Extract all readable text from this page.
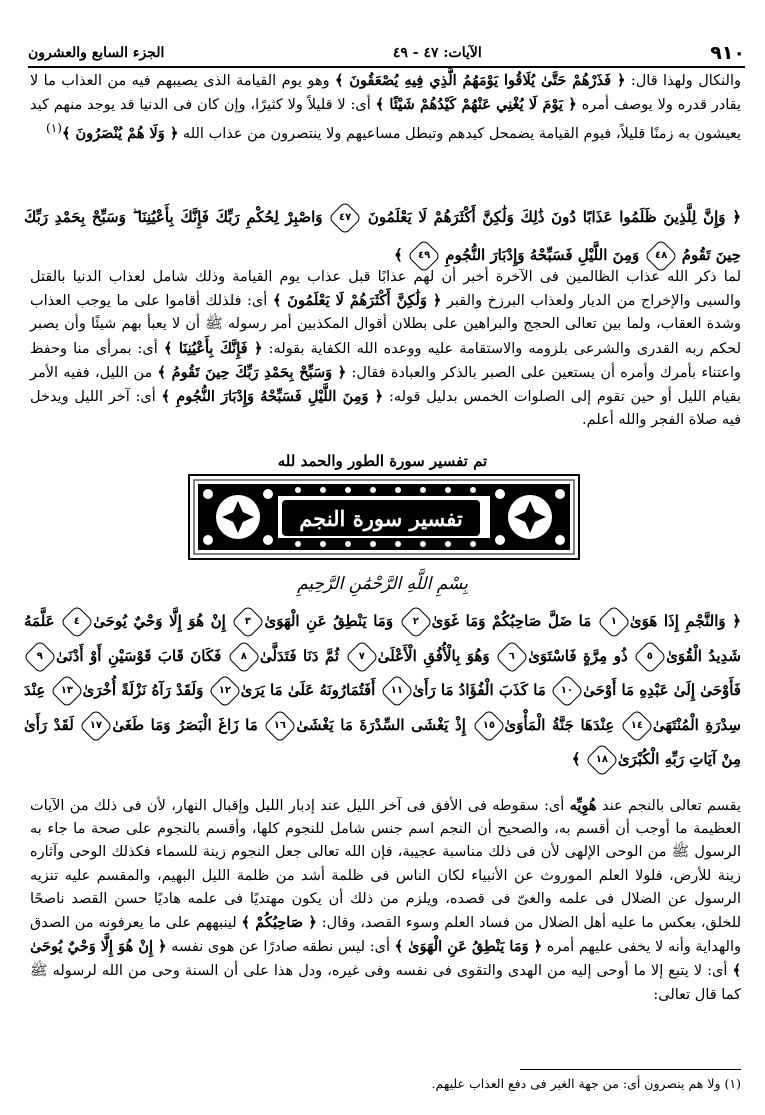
٩١٠
الآيات: ٤٧ - ٤٩
الجزء السابع والعشرون
والنكال ولهذا قال: ﴿ فَذَرْهُمْ حَتَّىٰ يُلَاقُوا يَوْمَهُمُ الَّذِي فِيهِ يُصْعَقُونَ ﴾ وهو يوم القيامة الذى يصيبهم فيه من العذاب ما لا يقادر قدره ولا يوصف أمره ﴿ يَوْمَ لَا يُغْنِي عَنْهُمْ كَيْدُهُمْ شَيْئًا ﴾ أى: لا قليلاً ولا كثيرًا، وإن كان فى الدنيا قد يوجد منهم كيد يعيشون به زمنًا قليلاً، فيوم القيامة يضمحل كيدهم وتبطل مساعيهم ولا ينتصرون من عذاب الله ﴿ وَلَا هُمْ يُنْصَرُونَ ﴾$^{(١)}$
﴿ وَإِنَّ لِلَّذِينَ ظَلَمُوا عَذَابًا دُونَ ذَٰلِكَ وَلَٰكِنَّ أَكْثَرَهُمْ لَا يَعْلَمُونَ
٤٧
وَاصْبِرْ لِحُكْمِ رَبِّكَ فَإِنَّكَ بِأَعْيُنِنَا ۖ وَسَبِّحْ بِحَمْدِ رَبِّكَ حِينَ تَقُومُ
٤٨
وَمِنَ اللَّيْلِ فَسَبِّحْهُ وَإِدْبَارَ النُّجُومِ
٤٩
﴾
لما ذكر الله عذاب الظالمين فى الآخرة أخبر أن لهم عذابًا قبل عذاب يوم القيامة وذلك شامل لعذاب الدنيا بالقتل والسبى والإخراج من الديار ولعذاب البرزخ والقبر ﴿ وَلَٰكِنَّ أَكْثَرَهُمْ لَا يَعْلَمُونَ ﴾ أى: فلذلك أقاموا على ما يوجب العذاب وشدة العقاب، ولما بين تعالى الحجج والبراهين على بطلان أقوال المكذبين أمر رسوله ﷺ أن لا يعبأ بهم شيئًا وأن يصبر لحكم ربه القدرى والشرعى بلزومه والاستقامة عليه ووعده الله الكفاية بقوله: ﴿ فَإِنَّكَ بِأَعْيُنِنَا ﴾ أى: بمرأى منا وحفظ واعتناء بأمرك وأمره أن يستعين على الصبر بالذكر والعبادة فقال: ﴿ وَسَبِّحْ بِحَمْدِ رَبِّكَ حِينَ تَقُومُ ﴾ من الليل، ففيه الأمر بقيام الليل أو حين تقوم إلى الصلوات الخمس بدليل قوله: ﴿ وَمِنَ اللَّيْلِ فَسَبِّحْهُ وَإِدْبَارَ النُّجُومِ ﴾ أى: آخر الليل ويدخل فيه صلاة الفجر والله أعلم.
تم تفسير سورة الطور والحمد لله
تفسير سورة النجم
بِسْمِ اللَّهِ الرَّحْمَٰنِ الرَّحِيمِ
﴿ وَالنَّجْمِ إِذَا هَوَىٰ
١
مَا ضَلَّ صَاحِبُكُمْ وَمَا غَوَىٰ
٢
وَمَا يَنْطِقُ عَنِ الْهَوَىٰ
٣
إِنْ هُوَ إِلَّا وَحْيٌ يُوحَىٰ
٤
عَلَّمَهُ شَدِيدُ الْقُوَىٰ
٥
ذُو مِرَّةٍ فَاسْتَوَىٰ
٦
وَهُوَ بِالْأُفُقِ الْأَعْلَىٰ
٧
ثُمَّ دَنَا فَتَدَلَّىٰ
٨
فَكَانَ قَابَ قَوْسَيْنِ أَوْ أَدْنَىٰ
٩
فَأَوْحَىٰ إِلَىٰ عَبْدِهِ مَا أَوْحَىٰ
١٠
مَا كَذَبَ الْفُؤَادُ مَا رَأَىٰ
١١
أَفَتُمَارُونَهُ عَلَىٰ مَا يَرَىٰ
١٢
وَلَقَدْ رَآهُ نَزْلَةً أُخْرَىٰ
١٣
عِنْدَ سِدْرَةِ الْمُنْتَهَىٰ
١٤
عِنْدَهَا جَنَّةُ الْمَأْوَىٰ
١٥
إِذْ يَغْشَى السِّدْرَةَ مَا يَغْشَىٰ
١٦
مَا زَاغَ الْبَصَرُ وَمَا طَغَىٰ
١٧
لَقَدْ رَأَىٰ مِنْ آيَاتِ رَبِّهِ الْكُبْرَىٰ
١٨
﴾
يقسم تعالى بالنجم عند هُوِيِّه أى: سقوطه فى الأفق فى آخر الليل عند إدبار الليل وإقبال النهار، لأن فى ذلك من الآيات العظيمة ما أوجب أن أقسم به، والصحيح أن النجم اسم جنس شامل للنجوم كلها، وأقسم بالنجوم على صحة ما جاء به الرسول ﷺ من الوحى الإلهى لأن فى ذلك مناسبة عجيبة، فإن الله تعالى جعل النجوم زينة للسماء فكذلك الوحى وآثاره زينة للأرض، فلولا العلم الموروث عن الأنبياء لكان الناس فى ظلمة أشد من ظلمة الليل البهيم، والمقسم عليه تنزيه الرسول عن الضلال فى علمه والغىّ فى قصده، ويلزم من ذلك أن يكون مهتديًا فى علمه هاديًا حسن القصد ناصحًا للخلق، بعكس ما عليه أهل الضلال من فساد العلم وسوء القصد، وقال: ﴿ صَاحِبُكُمْ ﴾ لينبههم على ما يعرفونه من الصدق والهداية وأنه لا يخفى عليهم أمره ﴿ وَمَا يَنْطِقُ عَنِ الْهَوَىٰ ﴾ أى: ليس نطقه صادرًا عن هوى نفسه ﴿ إِنْ هُوَ إِلَّا وَحْيٌ يُوحَىٰ ﴾ أى: لا يتبع إلا ما أوحى إليه من الهدى والتقوى فى نفسه وفى غيره، ودل هذا على أن السنة وحى من الله لرسوله ﷺ كما قال تعالى:
(١) ولا هم ينصرون أى: من جهة الغير فى دفع العذاب عليهم.
